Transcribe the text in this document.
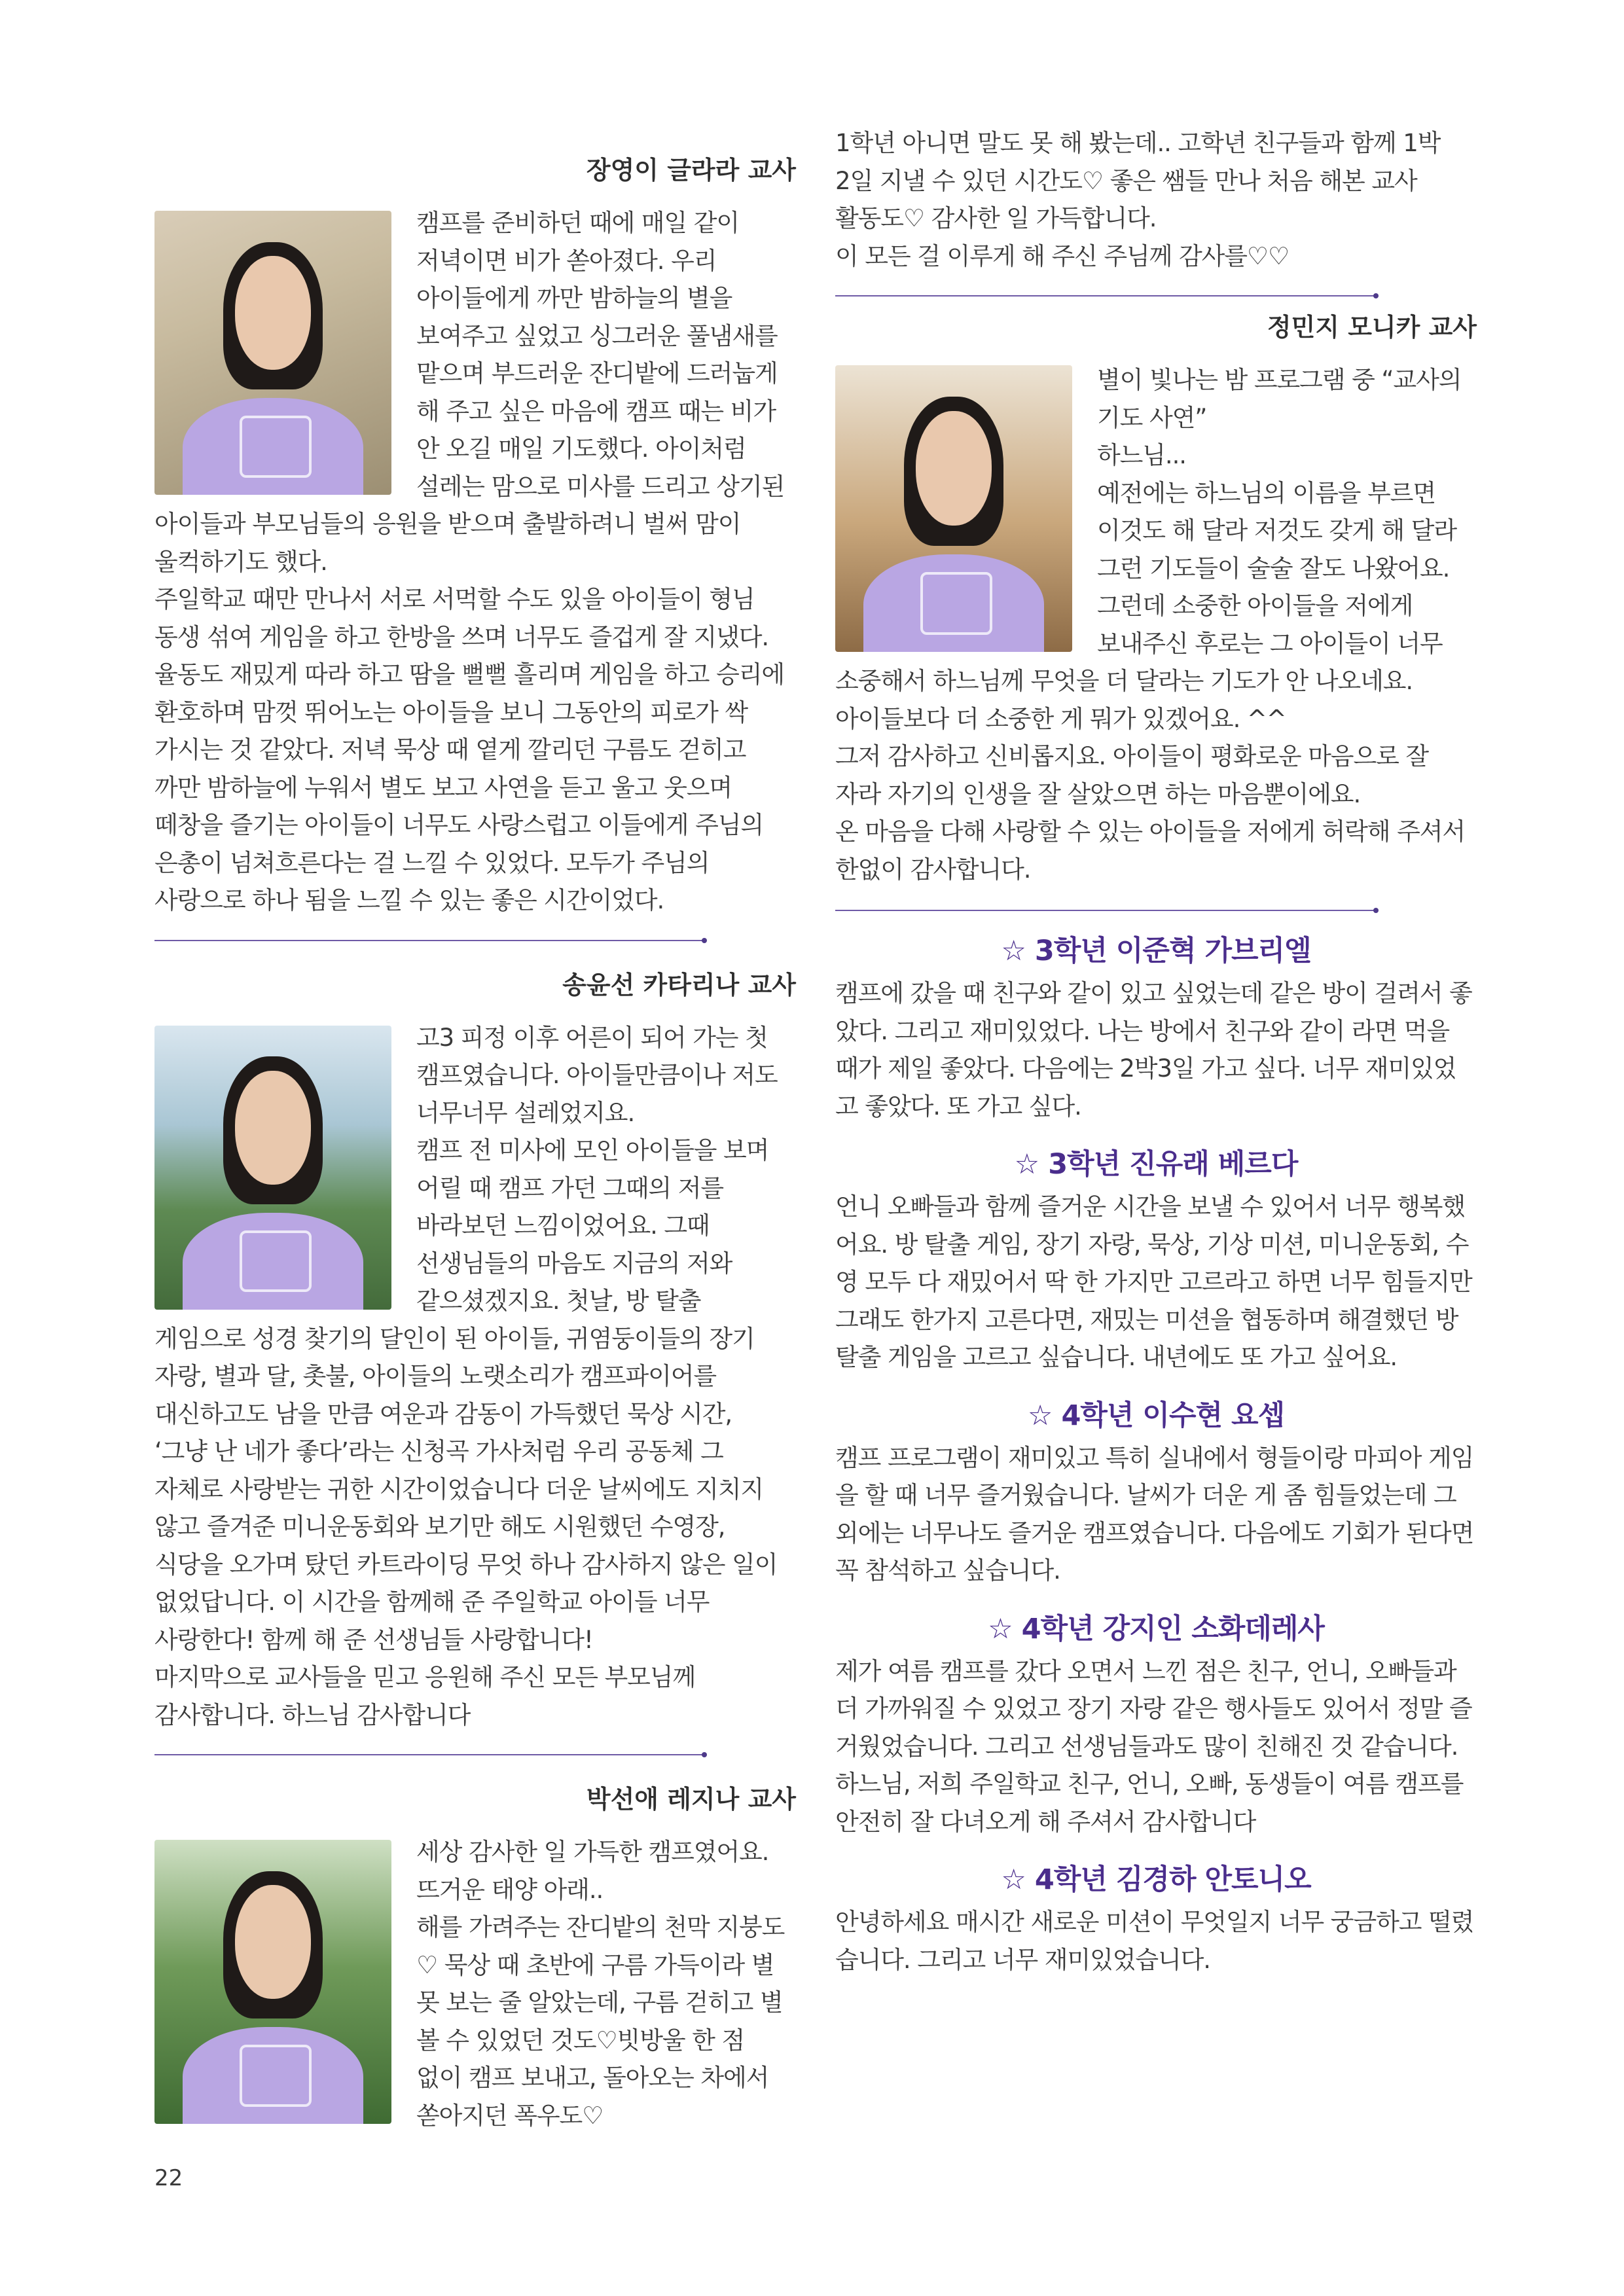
장영이 글라라 교사

캠프를 준비하던 때에 매일 같이 저녁이면 비가 쏟아졌다. 우리 아이들에게 까만 밤하늘의 별을 보여주고 싶었고 싱그러운 풀냄새를 맡으며 부드러운 잔디밭에 드러눕게 해 주고 싶은 마음에 캠프 때는 비가 안 오길 매일 기도했다. 아이처럼 설레는 맘으로 미사를 드리고 상기된 아이들과 부모님들의 응원을 받으며 출발하려니 벌써 맘이 울컥하기도 했다.

주일학교 때만 만나서 서로 서먹할 수도 있을 아이들이 형님 동생 섞여 게임을 하고 한방을 쓰며 너무도 즐겁게 잘 지냈다. 율동도 재밌게 따라 하고 땀을 뻘뻘 흘리며 게임을 하고 승리에 환호하며 맘껏 뛰어노는 아이들을 보니 그동안의 피로가 싹 가시는 것 같았다. 저녁 묵상 때 옅게 깔리던 구름도 걷히고 까만 밤하늘에 누워서 별도 보고 사연을 듣고 울고 웃으며 떼창을 즐기는 아이들이 너무도 사랑스럽고 이들에게 주님의 은총이 넘쳐흐른다는 걸 느낄 수 있었다. 모두가 주님의 사랑으로 하나 됨을 느낄 수 있는 좋은 시간이었다.

송윤선 카타리나 교사

고3 피정 이후 어른이 되어 가는 첫 캠프였습니다. 아이들만큼이나 저도 너무너무 설레었지요.

캠프 전 미사에 모인 아이들을 보며 어릴 때 캠프 가던 그때의 저를 바라보던 느낌이었어요. 그때 선생님들의 마음도 지금의 저와 같으셨겠지요. 첫날, 방 탈출 게임으로 성경 찾기의 달인이 된 아이들, 귀염둥이들의 장기 자랑, 별과 달, 촛불, 아이들의 노랫소리가 캠프파이어를 대신하고도 남을 만큼 여운과 감동이 가득했던 묵상 시간,

‘그냥 난 네가 좋다’라는 신청곡 가사처럼 우리 공동체 그 자체로 사랑받는 귀한 시간이었습니다 더운 날씨에도 지치지 않고 즐겨준 미니운동회와 보기만 해도 시원했던 수영장, 식당을 오가며 탔던 카트라이딩 무엇 하나 감사하지 않은 일이 없었답니다. 이 시간을 함께해 준 주일학교 아이들 너무 사랑한다! 함께 해 준 선생님들 사랑합니다!

마지막으로 교사들을 믿고 응원해 주신 모든 부모님께 감사합니다. 하느님 감사합니다

박선애 레지나 교사

세상 감사한 일 가득한 캠프였어요.

뜨거운 태양 아래..

해를 가려주는 잔디밭의 천막 지붕도♡ 묵상 때 초반에 구름 가득이라 별 못 보는 줄 알았는데, 구름 걷히고 별 볼 수 있었던 것도♡빗방울 한 점 없이 캠프 보내고, 돌아오는 차에서 쏟아지던 폭우도♡

1학년 아니면 말도 못 해 봤는데.. 고학년 친구들과 함께 1박 2일 지낼 수 있던 시간도♡ 좋은 쌤들 만나 처음 해본 교사 활동도♡ 감사한 일 가득합니다.

이 모든 걸 이루게 해 주신 주님께 감사를♡♡

정민지 모니카 교사

별이 빛나는 밤 프로그램 중 “교사의 기도 사연”

하느님...

예전에는 하느님의 이름을 부르면 이것도 해 달라 저것도 갖게 해 달라 그런 기도들이 술술 잘도 나왔어요. 그런데 소중한 아이들을 저에게 보내주신 후로는 그 아이들이 너무 소중해서 하느님께 무엇을 더 달라는 기도가 안 나오네요. 아이들보다 더 소중한 게 뭐가 있겠어요. ^^

그저 감사하고 신비롭지요. 아이들이 평화로운 마음으로 잘 자라 자기의 인생을 잘 살았으면 하는 마음뿐이에요.

온 마음을 다해 사랑할 수 있는 아이들을 저에게 허락해 주셔서 한없이 감사합니다.

☆ 3학년 이준혁 가브리엘

캠프에 갔을 때 친구와 같이 있고 싶었는데 같은 방이 걸려서 좋았다. 그리고 재미있었다. 나는 방에서 친구와 같이 라면 먹을 때가 제일 좋았다. 다음에는 2박3일 가고 싶다. 너무 재미있었고 좋았다. 또 가고 싶다.

☆ 3학년 진유래 베르다

언니 오빠들과 함께 즐거운 시간을 보낼 수 있어서 너무 행복했어요. 방 탈출 게임, 장기 자랑, 묵상, 기상 미션, 미니운동회, 수영 모두 다 재밌어서 딱 한 가지만 고르라고 하면 너무 힘들지만 그래도 한가지 고른다면, 재밌는 미션을 협동하며 해결했던 방 탈출 게임을 고르고 싶습니다. 내년에도 또 가고 싶어요.

☆ 4학년 이수현 요셉

캠프 프로그램이 재미있고 특히 실내에서 형들이랑 마피아 게임을 할 때 너무 즐거웠습니다. 날씨가 더운 게 좀 힘들었는데 그 외에는 너무나도 즐거운 캠프였습니다. 다음에도 기회가 된다면 꼭 참석하고 싶습니다.

☆ 4학년 강지인 소화데레사

제가 여름 캠프를 갔다 오면서 느낀 점은 친구, 언니, 오빠들과 더 가까워질 수 있었고 장기 자랑 같은 행사들도 있어서 정말 즐거웠었습니다. 그리고 선생님들과도 많이 친해진 것 같습니다. 하느님, 저희 주일학교 친구, 언니, 오빠, 동생들이 여름 캠프를 안전히 잘 다녀오게 해 주셔서 감사합니다

☆ 4학년 김경하 안토니오

안녕하세요 매시간 새로운 미션이 무엇일지 너무 궁금하고 떨렸습니다. 그리고 너무 재미있었습니다.

22
